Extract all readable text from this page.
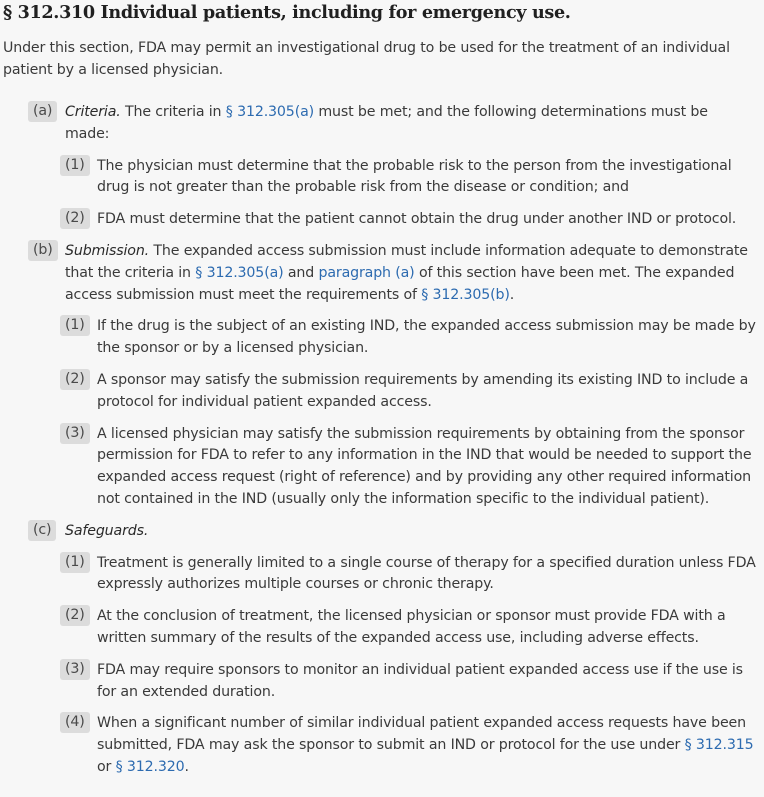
§ 312.310 Individual patients, including for emergency use.

Under this section, FDA may permit an investigational drug to be used for the treatment of an individual patient by a licensed physician.

(a) Criteria. The criteria in § 312.305(a) must be met; and the following determinations must be made:
(1) The physician must determine that the probable risk to the person from the investigational drug is not greater than the probable risk from the disease or condition; and
(2) FDA must determine that the patient cannot obtain the drug under another IND or protocol.
(b) Submission. The expanded access submission must include information adequate to demonstrate that the criteria in § 312.305(a) and paragraph (a) of this section have been met. The expanded access submission must meet the requirements of § 312.305(b).
(1) If the drug is the subject of an existing IND, the expanded access submission may be made by the sponsor or by a licensed physician.
(2) A sponsor may satisfy the submission requirements by amending its existing IND to include a protocol for individual patient expanded access.
(3) A licensed physician may satisfy the submission requirements by obtaining from the sponsor permission for FDA to refer to any information in the IND that would be needed to support the expanded access request (right of reference) and by providing any other required information not contained in the IND (usually only the information specific to the individual patient).
(c) Safeguards.
(1) Treatment is generally limited to a single course of therapy for a specified duration unless FDA expressly authorizes multiple courses or chronic therapy.
(2) At the conclusion of treatment, the licensed physician or sponsor must provide FDA with a written summary of the results of the expanded access use, including adverse effects.
(3) FDA may require sponsors to monitor an individual patient expanded access use if the use is for an extended duration.
(4) When a significant number of similar individual patient expanded access requests have been submitted, FDA may ask the sponsor to submit an IND or protocol for the use under § 312.315 or § 312.320.
